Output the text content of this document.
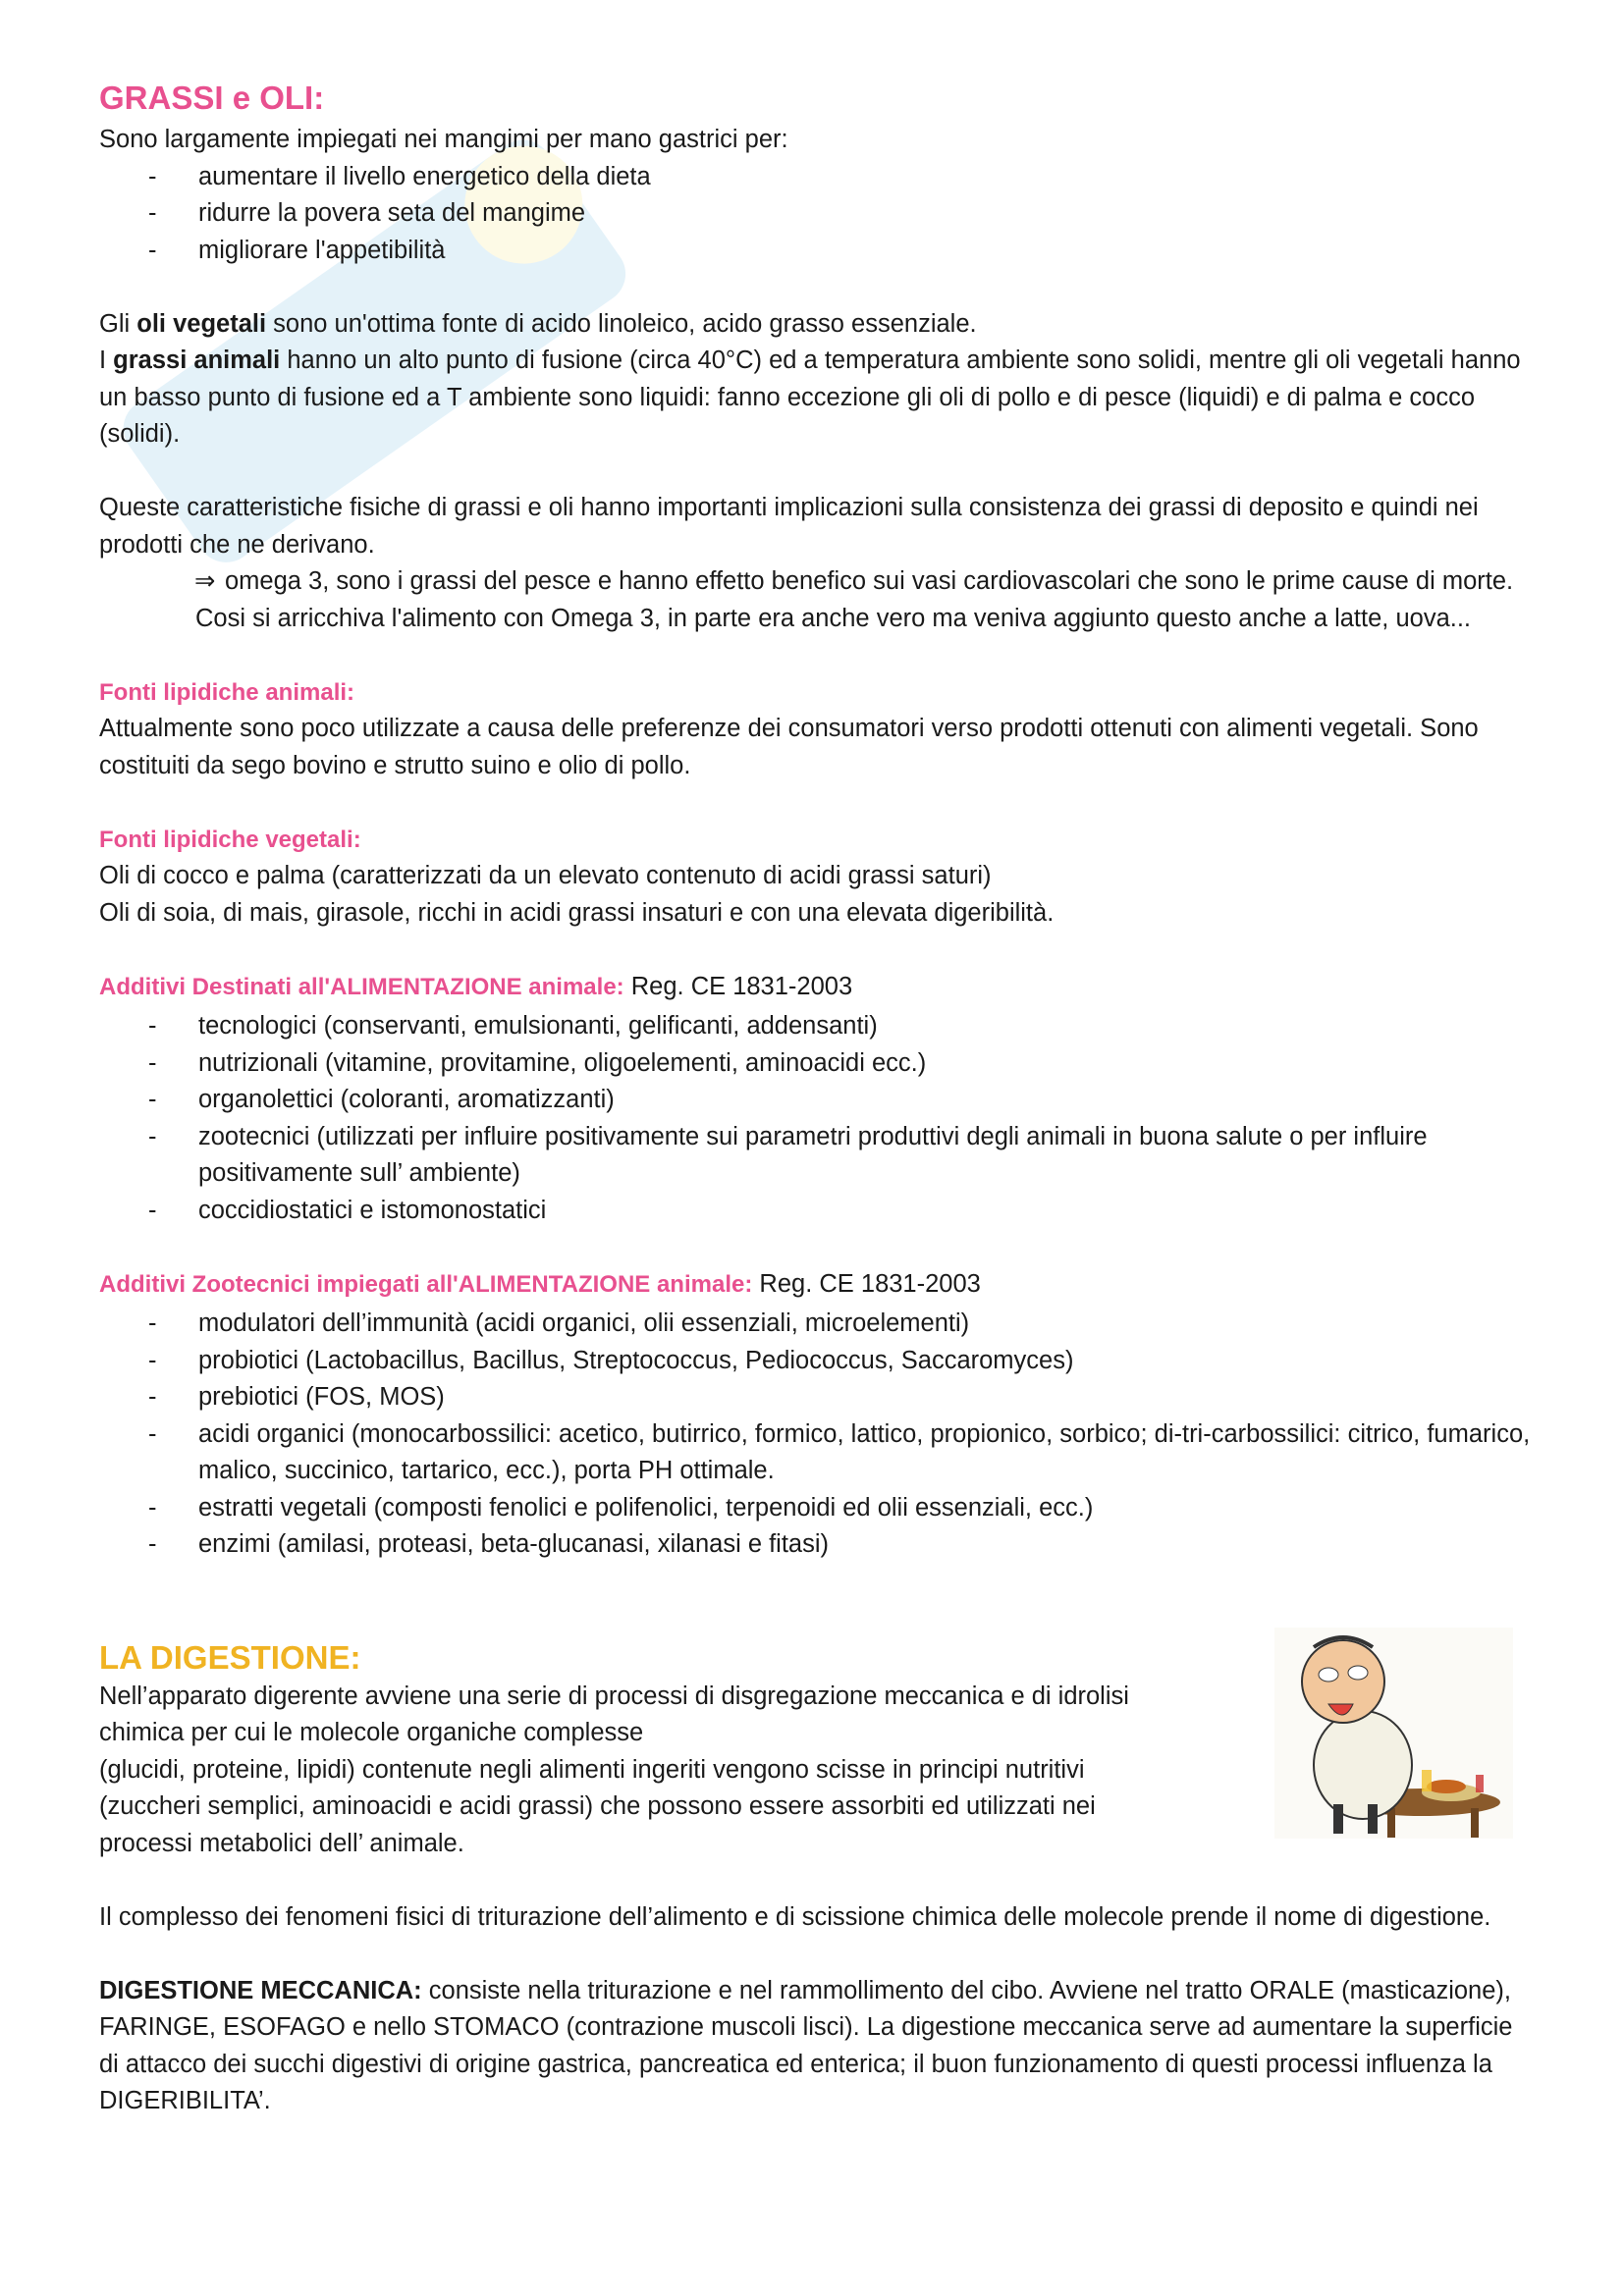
GRASSI e OLI:

Sono largamente impiegati nei mangimi per mano gastrici per:

- aumentare il livello energetico della dieta
- ridurre la povera seta del mangime
- migliorare l'appetibilità

Gli oli vegetali sono un'ottima fonte di acido linoleico, acido grasso essenziale.

I grassi animali hanno un alto punto di fusione (circa 40°C) ed a temperatura ambiente sono solidi, mentre gli oli vegetali hanno un basso punto di fusione ed a T ambiente sono liquidi: fanno eccezione gli oli di pollo e di pesce (liquidi) e di palma e cocco (solidi).

Queste caratteristiche fisiche di grassi e oli hanno importanti implicazioni sulla consistenza dei grassi di deposito e quindi nei prodotti che ne derivano.

⇒ omega 3, sono i grassi del pesce e hanno effetto benefico sui vasi cardiovascolari che sono le prime cause di morte. Cosi si arricchiva l'alimento con Omega 3, in parte era anche vero ma veniva aggiunto questo anche a latte, uova...
Fonti lipidiche animali:

Attualmente sono poco utilizzate a causa delle preferenze dei consumatori verso prodotti ottenuti con alimenti vegetali. Sono costituiti da sego bovino e strutto suino e olio di pollo.

Fonti lipidiche vegetali:

Oli di cocco e palma (caratterizzati da un elevato contenuto di acidi grassi saturi)

Oli di soia, di mais, girasole, ricchi in acidi grassi insaturi e con una elevata digeribilità.

Additivi Destinati all'ALIMENTAZIONE animale: Reg. CE 1831-2003
- tecnologici (conservanti, emulsionanti, gelificanti, addensanti)
- nutrizionali (vitamine, provitamine, oligoelementi, aminoacidi ecc.)
- organolettici (coloranti, aromatizzanti)
- zootecnici (utilizzati per influire positivamente sui parametri produttivi degli animali in buona salute o per influire positivamente sull’ ambiente)
- coccidiostatici e istomonostatici
Additivi Zootecnici impiegati all'ALIMENTAZIONE animale: Reg. CE 1831-2003
- modulatori dell’immunità (acidi organici, olii essenziali, microelementi)
- probiotici (Lactobacillus, Bacillus, Streptococcus, Pediococcus, Saccaromyces)
- prebiotici (FOS, MOS)
- acidi organici (monocarbossilici: acetico, butirrico, formico, lattico, propionico, sorbico; di-tri-carbossilici: citrico, fumarico, malico, succinico, tartarico, ecc.), porta PH ottimale.
- estratti vegetali (composti fenolici e polifenolici, terpenoidi ed olii essenziali, ecc.)
- enzimi (amilasi, proteasi, beta-glucanasi, xilanasi e fitasi)
LA DIGESTIONE:

Nell’apparato digerente avviene una serie di processi di disgregazione meccanica e di idrolisi

chimica per cui le molecole organiche complesse

(glucidi, proteine, lipidi) contenute negli alimenti ingeriti vengono scisse in principi nutritivi

(zuccheri semplici, aminoacidi e acidi grassi) che possono essere assorbiti ed utilizzati nei

processi metabolici dell’ animale.

Il complesso dei fenomeni fisici di triturazione dell’alimento e di scissione chimica delle molecole prende il nome di digestione.

DIGESTIONE MECCANICA: consiste nella triturazione e nel rammollimento del cibo. Avviene nel tratto ORALE (masticazione), FARINGE, ESOFAGO e nello STOMACO (contrazione muscoli lisci). La digestione meccanica serve ad aumentare la superficie di attacco dei succhi digestivi di origine gastrica, pancreatica ed enterica; il buon funzionamento di questi processi influenza la DIGERIBILITA’.
